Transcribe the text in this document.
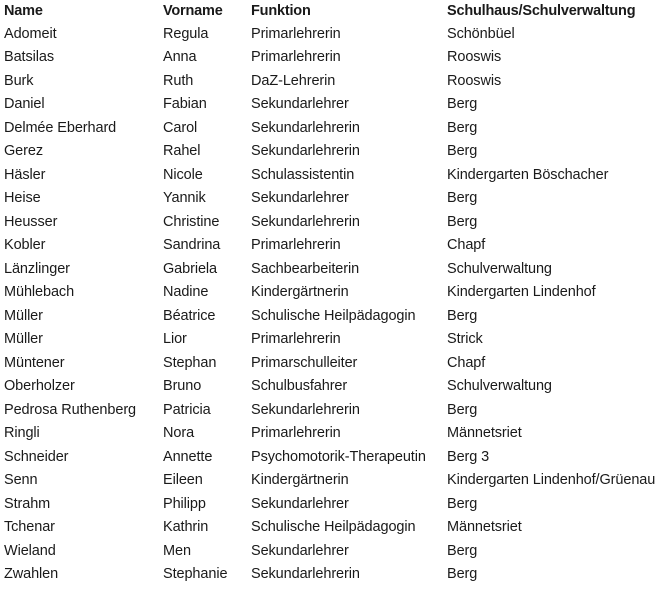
Name	Vorname	Funktion	Schulhaus/Schulverwaltung
Adomeit	Regula	Primarlehrerin	Schönbüel
Batsilas	Anna	Primarlehrerin	Rooswis
Burk	Ruth	DaZ-Lehrerin	Rooswis
Daniel	Fabian	Sekundarlehrer	Berg
Delmée Eberhard	Carol	Sekundarlehrerin	Berg
Gerez	Rahel	Sekundarlehrerin	Berg
Häsler	Nicole	Schulassistentin	Kindergarten Böschacher
Heise	Yannik	Sekundarlehrer	Berg
Heusser	Christine	Sekundarlehrerin	Berg
Kobler	Sandrina	Primarlehrerin	Chapf
Länzlinger	Gabriela	Sachbearbeiterin	Schulverwaltung
Mühlebach	Nadine	Kindergärtnerin	Kindergarten Lindenhof
Müller	Béatrice	Schulische Heilpädagogin	Berg
Müller	Lior	Primarlehrerin	Strick
Müntener	Stephan	Primarschulleiter	Chapf
Oberholzer	Bruno	Schulbusfahrer	Schulverwaltung
Pedrosa Ruthenberg	Patricia	Sekundarlehrerin	Berg
Ringli	Nora	Primarlehrerin	Männetsriet
Schneider	Annette	Psychomotorik-Therapeutin	Berg 3
Senn	Eileen	Kindergärtnerin	Kindergarten Lindenhof/Grüenau
Strahm	Philipp	Sekundarlehrer	Berg
Tchenar	Kathrin	Schulische Heilpädagogin	Männetsriet
Wieland	Men	Sekundarlehrer	Berg
Zwahlen	Stephanie	Sekundarlehrerin	Berg
